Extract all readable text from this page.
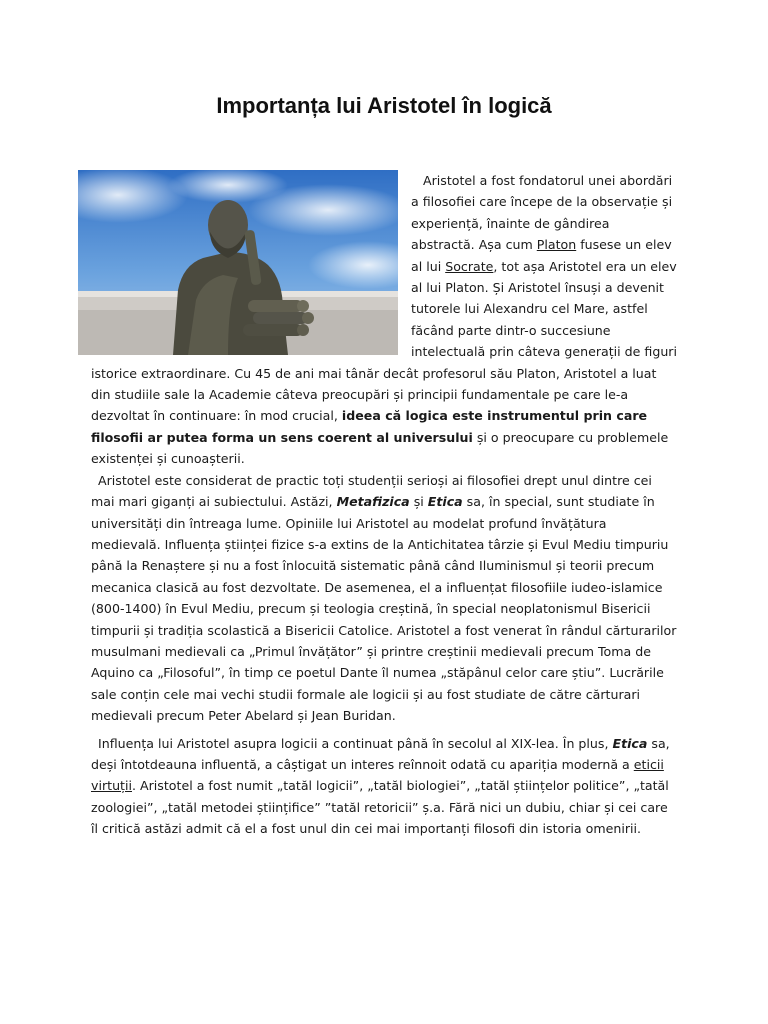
Importanța lui Aristotel în logică

Aristotel a fost fondatorul unei abordări a filosofiei care începe de la observație și experiență, înainte de gândirea abstractă. Așa cum Platon fusese un elev al lui Socrate, tot așa Aristotel era un elev al lui Platon. Și Aristotel însuși a devenit tutorele lui Alexandru cel Mare, astfel făcând parte dintr-o succesiune intelectuală prin câteva generații de figuri istorice extraordinare. Cu 45 de ani mai tânăr decât profesorul său Platon, Aristotel a luat din studiile sale la Academie câteva preocupări și principii fundamentale pe care le-a dezvoltat în continuare: în mod crucial, ideea că logica este instrumentul prin care filosofii ar putea forma un sens coerent al universului și o preocupare cu problemele existenței și cunoașterii.

Aristotel este considerat de practic toți studenții serioși ai filosofiei drept unul dintre cei mai mari giganți ai subiectului. Astăzi, Metafizica și Etica sa, în special, sunt studiate în universități din întreaga lume. Opiniile lui Aristotel au modelat profund învățătura medievală. Influența științei fizice s-a extins de la Antichitatea târzie și Evul Mediu timpuriu până la Renaștere și nu a fost înlocuită sistematic până când Iluminismul și teorii precum mecanica clasică au fost dezvoltate. De asemenea, el a influențat filosofiile iudeo-islamice (800-1400) în Evul Mediu, precum și teologia creștină, în special neoplatonismul Bisericii timpurii și tradiția scolastică a Bisericii Catolice. Aristotel a fost venerat în rândul cărturarilor musulmani medievali ca „Primul învățător” și printre creștinii medievali precum Toma de Aquino ca „Filosoful”, în timp ce poetul Dante îl numea „stăpânul celor care știu”. Lucrările sale conțin cele mai vechi studii formale ale logicii și au fost studiate de către cărturari medievali precum Peter Abelard și Jean Buridan.

Influența lui Aristotel asupra logicii a continuat până în secolul al XIX-lea. În plus, Etica sa, deși întotdeauna influentă, a câștigat un interes reînnoit odată cu apariția modernă a eticii virtuții. Aristotel a fost numit „tatăl logicii”, „tatăl biologiei”, „tatăl științelor politice”, „tatăl zoologiei”, „tatăl metodei științifice” ”tatăl retoricii” ș.a. Fără nici un dubiu, chiar și cei care îl critică astăzi admit că el a fost unul din cei mai importanți filosofi din istoria omenirii.
